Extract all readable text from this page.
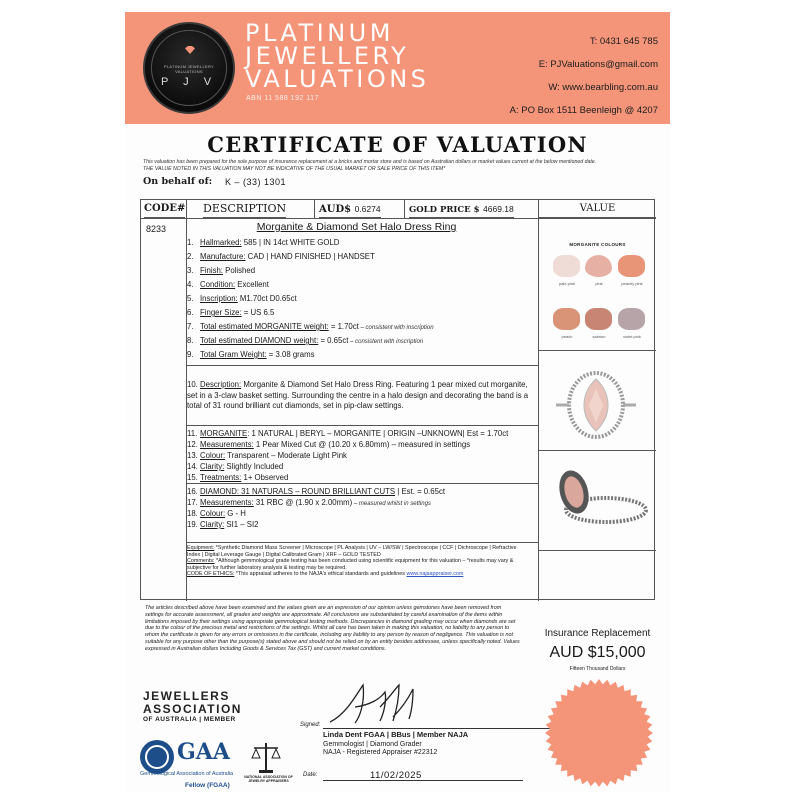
PLATINUM JEWELLERY VALUATIONS
P J V
PLATINUM
JEWELLERY
VALUATIONS
ABN 11 588 192 117
T: 0431 645 785
E: PJValuations@gmail.com
W: www.bearbling.com.au
A: PO Box 1511 Beenleigh @ 4207
CERTIFICATE OF VALUATION
This valuation has been prepared for the sole purpose of insurance replacement at a bricks and mortar store and is based on Australian dollars or market values current at the below mentioned date.
THE VALUE NOTED IN THIS VALUATION MAY NOT BE INDICATIVE OF THE USUAL MARKET OR SALE PRICE OF THIS ITEM*
On behalf of: K – (33) 1301
CODE# DESCRIPTION	AUD$ 0.6274	GOLD PRICE $ 4669.18	VALUE
8233	Morganite & Diamond Set Halo Dress Ring
1. Hallmarked: 585 | IN 14ct WHITE GOLD
2. Manufacture: CAD | HAND FINISHED | HANDSET
3. Finish: Polished
4. Condition: Excellent
5. Inscription: M1.70ct D0.65ct
6. Finger Size: = US 6.5
7. Total estimated MORGANITE weight: = 1.70ct – consistent with inscription
8. Total estimated DIAMOND weight: = 0.65ct – consistent with inscription
9. Total Gram Weight: = 3.08 grams
10. Description: Morganite & Diamond Set Halo Dress Ring. Featuring 1 pear mixed cut morganite, set in a 3-claw basket setting. Surrounding the centre in a halo design and decorating the band is a total of 31 round brilliant cut diamonds, set in pip-claw settings.
11. MORGANITE: 1 NATURAL | BERYL – MORGANITE | ORIGIN –UNKNOWN| Est = 1.70ct
12. Measurements: 1 Pear Mixed Cut @ (10.20 x 6.80mm) – measured in settings
13. Colour: Transparent – Moderate Light Pink
14. Clarity: Slightly Included
15. Treatments: 1+ Observed
16. DIAMOND: 31 NATURALS – ROUND BRILLIANT CUTS | Est. = 0.65ct
17. Measurements: 31 RBC @ (1.90 x 2.00mm) – measured whilst in settings
18. Colour: G - H
19. Clarity: SI1 – SI2
Equipment: *Synthetic Diamond Mass Screener | Microscope | PL Analysis | UV – LW/SW | Spectroscope | CCF | Dichroscope | Refractive Index | Digital Leverage Gauge | Digital Calibrated Gram | XRF – GOLD TESTED
Comments: *Although gemmological grade testing has been conducted using scientific equipment for this valuation – *results may vary & subjective for further laboratory analysis & testing may be required.
CODE OF ETHICS: *This appraisal adheres to the NAJA's ethical standards and guidelines www.najaappraiser.com
MORGANITE COLOURS
Insurance Replacement
AUD $15,000
Fifteen Thousand Dollars
pale pink	pink	peachy pink
peach	salmon	violet pink
The articles described above have been examined and the values given are an expression of our opinion unless gemstones have been removed from settings for accurate assessment, all grades and weights are approximate. All conclusions are substantiated by careful examination of the items within limitations imposed by their settings using appropriate gemmological testing methods. Discrepancies in diamond grading may occur when diamonds are set due to the colour of the precious metal and restrictions of the settings. Whilst all care has been taken in making this valuation, no liability to any person to whom the certificate is given for any errors or omissions in the certificate, including any liability to any person by reason of negligence. This valuation is not suitable for any purpose other than the purpose(s) stated above and should not be relied on by an entity besides addressee, unless specifically noted. Values expressed in Australian dollars Including Goods & Services Tax (GST) and current market conditions.
JEWELLERS
ASSOCIATION
OF AUSTRALIA | MEMBER
GAA
Gemmological Association of Australia
Fellow (FGAA)
NATIONAL ASSOCIATION OF JEWELRY APPRAISERS
Signed:
Linda Dent FGAA | BBus | Member NAJA
Gemmologist | Diamond Grader
NAJA - Registered Appraiser #22312
Date:	11/02/2025
